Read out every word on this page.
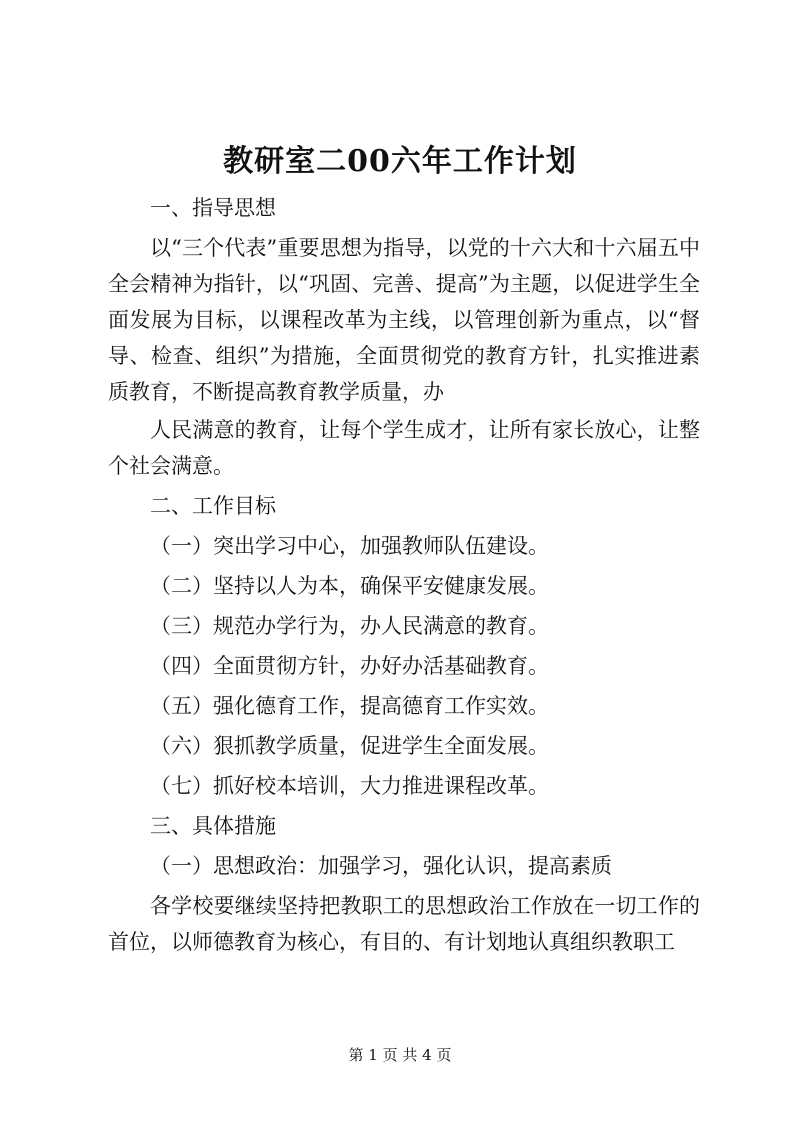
教研室二00六年工作计划

一、指导思想

以“三个代表”重要思想为指导，以党的十六大和十六届五中全会精神为指针，以“巩固、完善、提高”为主题，以促进学生全面发展为目标，以课程改革为主线，以管理创新为重点，以“督导、检查、组织”为措施，全面贯彻党的教育方针，扎实推进素质教育，不断提高教育教学质量，办

人民满意的教育，让每个学生成才，让所有家长放心，让整个社会满意。

二、工作目标

（一）突出学习中心，加强教师队伍建设。

（二）坚持以人为本，确保平安健康发展。

（三）规范办学行为，办人民满意的教育。

（四）全面贯彻方针，办好办活基础教育。

（五）强化德育工作，提高德育工作实效。

（六）狠抓教学质量，促进学生全面发展。

（七）抓好校本培训，大力推进课程改革。

三、具体措施

（一）思想政治：加强学习，强化认识，提高素质

各学校要继续坚持把教职工的思想政治工作放在一切工作的首位，以师德教育为核心，有目的、有计划地认真组织教职工

第 1 页 共 4 页
